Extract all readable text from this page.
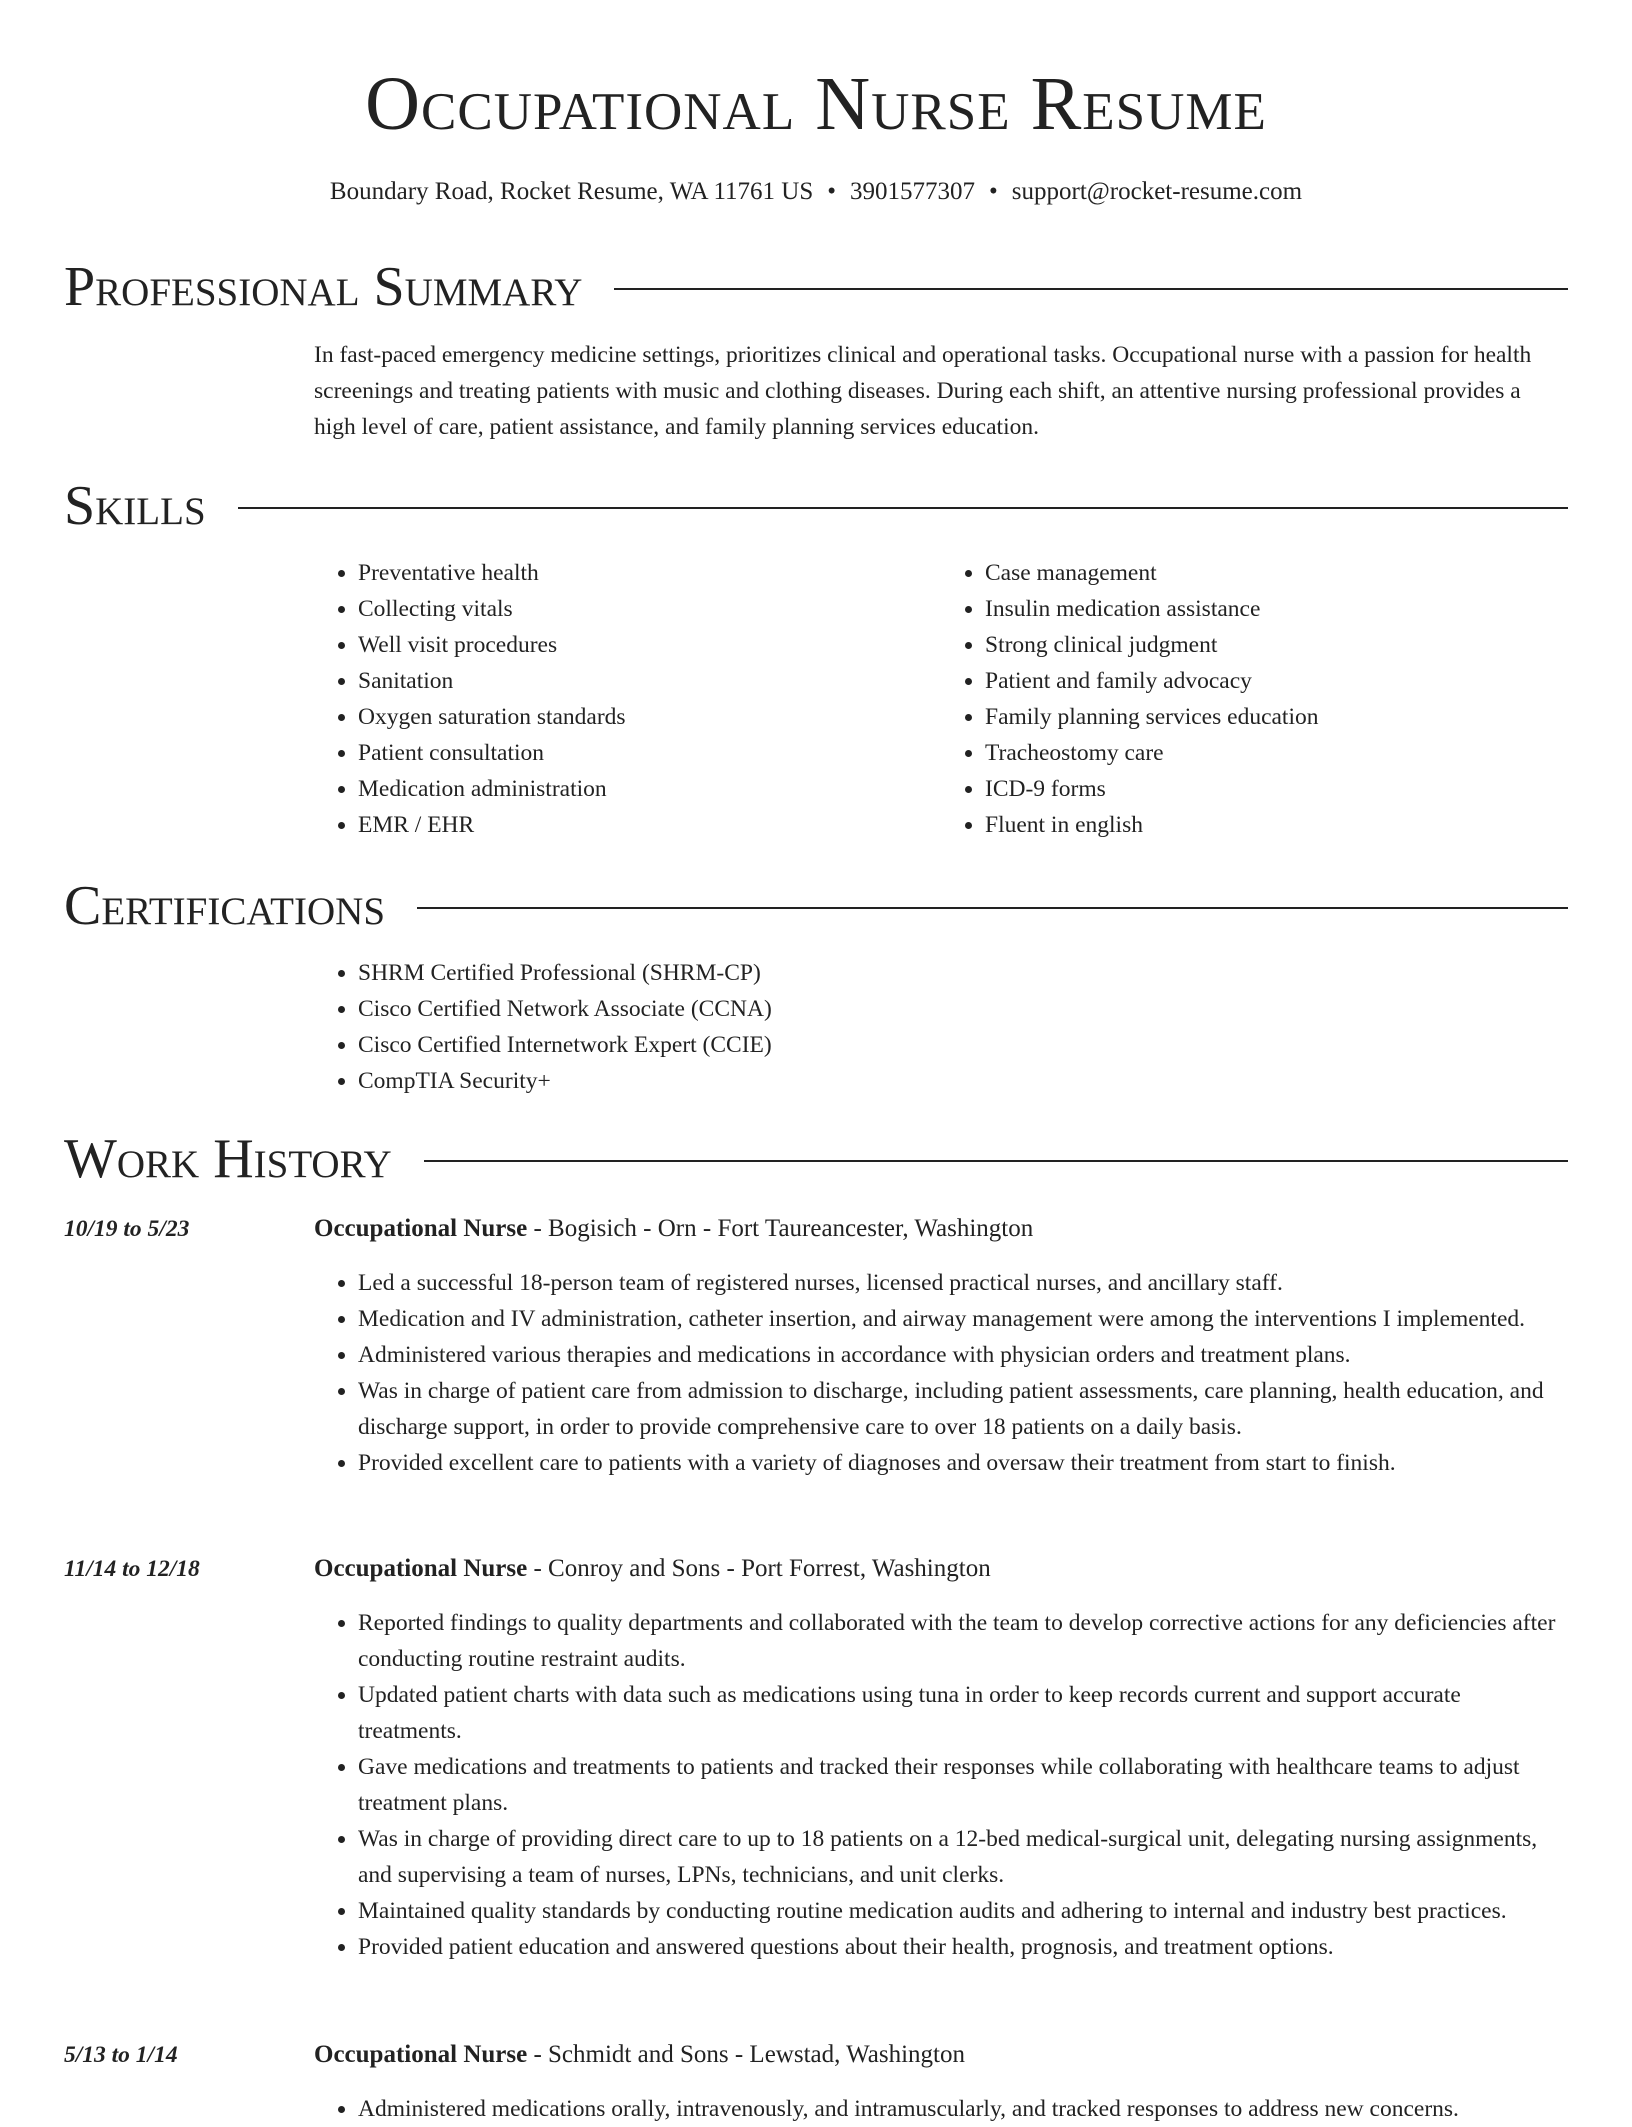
Occupational Nurse Resume
Boundary Road, Rocket Resume, WA 11761 US • 3901577307 • support@rocket-resume.com
Professional Summary

In fast-paced emergency medicine settings, prioritizes clinical and operational tasks. Occupational nurse with a passion for health screenings and treating patients with music and clothing diseases. During each shift, an attentive nursing professional provides a high level of care, patient assistance, and family planning services education.

Skills
• Preventative health
• Collecting vitals
• Well visit procedures
• Sanitation
• Oxygen saturation standards
• Patient consultation
• Medication administration
• EMR / EHR
• Case management
• Insulin medication assistance
• Strong clinical judgment
• Patient and family advocacy
• Family planning services education
• Tracheostomy care
• ICD-9 forms
• Fluent in english
Certifications
• SHRM Certified Professional (SHRM-CP)
• Cisco Certified Network Associate (CCNA)
• Cisco Certified Internetwork Expert (CCIE)
• CompTIA Security+
Work History
10/19 to 5/23	Occupational Nurse - Bogisich - Orn - Fort Taureancester, Washington
• Led a successful 18-person team of registered nurses, licensed practical nurses, and ancillary staff.
• Medication and IV administration, catheter insertion, and airway management were among the interventions I implemented.
• Administered various therapies and medications in accordance with physician orders and treatment plans.
• Was in charge of patient care from admission to discharge, including patient assessments, care planning, health education, and discharge support, in order to provide comprehensive care to over 18 patients on a daily basis.
• Provided excellent care to patients with a variety of diagnoses and oversaw their treatment from start to finish.
11/14 to 12/18	Occupational Nurse - Conroy and Sons - Port Forrest, Washington
• Reported findings to quality departments and collaborated with the team to develop corrective actions for any deficiencies after conducting routine restraint audits.
• Updated patient charts with data such as medications using tuna in order to keep records current and support accurate treatments.
• Gave medications and treatments to patients and tracked their responses while collaborating with healthcare teams to adjust treatment plans.
• Was in charge of providing direct care to up to 18 patients on a 12-bed medical-surgical unit, delegating nursing assignments, and supervising a team of nurses, LPNs, technicians, and unit clerks.
• Maintained quality standards by conducting routine medication audits and adhering to internal and industry best practices.
• Provided patient education and answered questions about their health, prognosis, and treatment options.
5/13 to 1/14	Occupational Nurse - Schmidt and Sons - Lewstad, Washington
• Administered medications orally, intravenously, and intramuscularly, and tracked responses to address new concerns.
